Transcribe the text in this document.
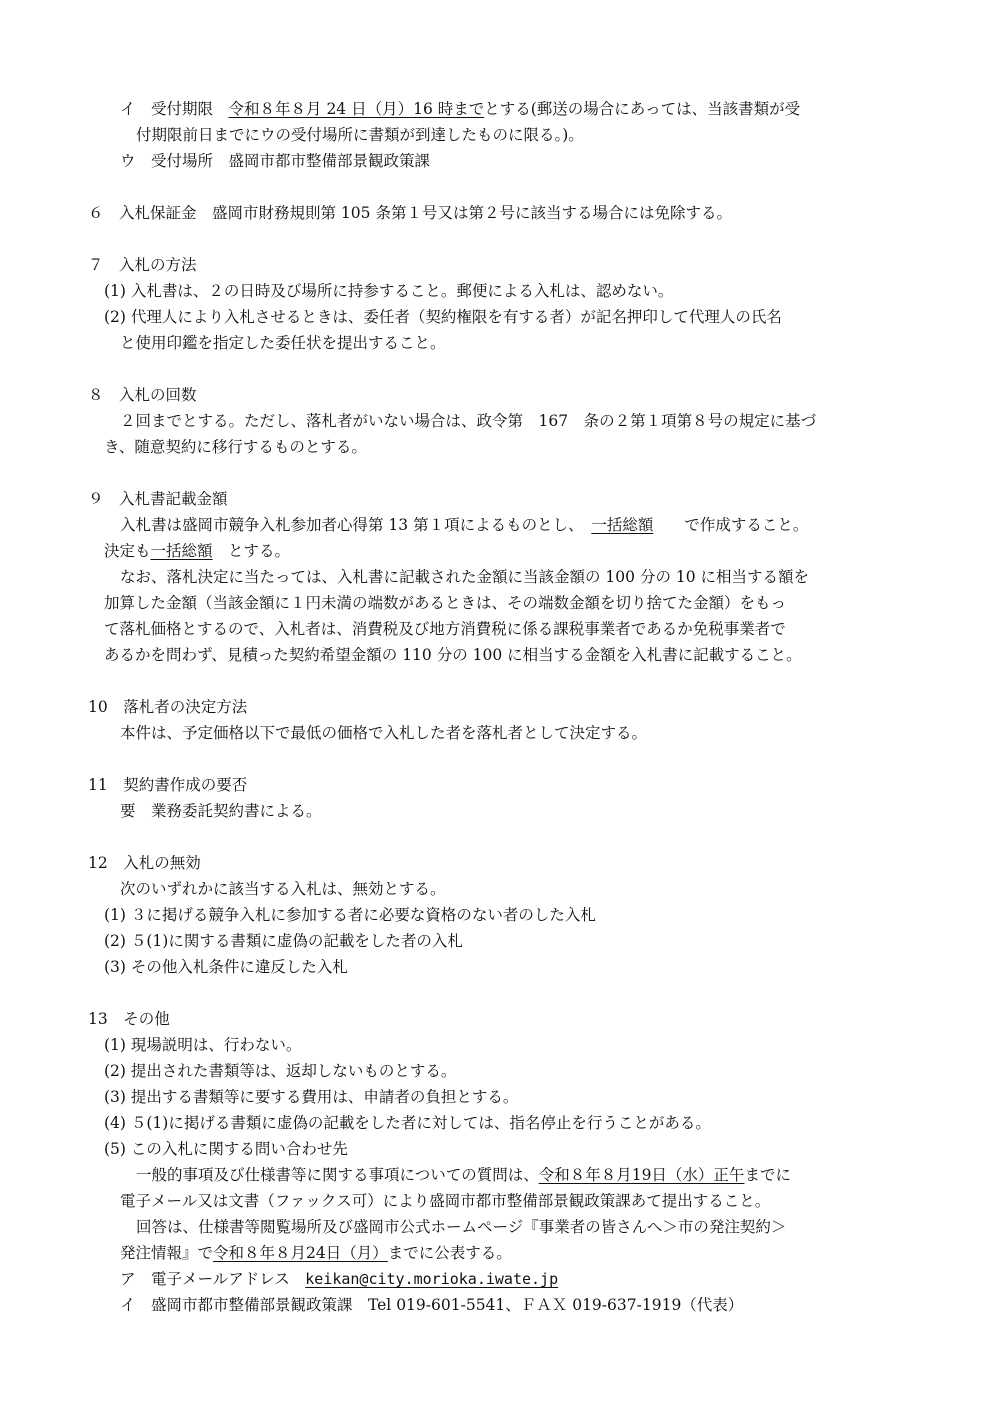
イ　受付期限　令和８年８月 24 日（月）16 時までとする(郵送の場合にあっては、当該書類が受
付期限前日までにウの受付場所に書類が到達したものに限る。)。
ウ　受付場所　盛岡市都市整備部景観政策課
６　入札保証金　盛岡市財務規則第 105 条第１号又は第２号に該当する場合には免除する。
７　入札の方法
(1) 入札書は、２の日時及び場所に持参すること。郵便による入札は、認めない。
(2) 代理人により入札させるときは、委任者（契約権限を有する者）が記名押印して代理人の氏名
と使用印鑑を指定した委任状を提出すること。
８　入札の回数
２回までとする。ただし、落札者がいない場合は、政令第　167　条の２第１項第８号の規定に基づ
き、随意契約に移行するものとする。
９　入札書記載金額
入札書は盛岡市競争入札参加者心得第 13 第１項によるものとし、　一括総額　　で作成すること。
決定も一括総額　とする。
なお、落札決定に当たっては、入札書に記載された金額に当該金額の 100 分の 10 に相当する額を
加算した金額（当該金額に１円未満の端数があるときは、その端数金額を切り捨てた金額）をもっ
て落札価格とするので、入札者は、消費税及び地方消費税に係る課税事業者であるか免税事業者で
あるかを問わず、見積った契約希望金額の 110 分の 100 に相当する金額を入札書に記載すること。
10　落札者の決定方法
本件は、予定価格以下で最低の価格で入札した者を落札者として決定する。
11　契約書作成の要否
要　業務委託契約書による。
12　入札の無効
次のいずれかに該当する入札は、無効とする。
(1) ３に掲げる競争入札に参加する者に必要な資格のない者のした入札
(2) ５(1)に関する書類に虚偽の記載をした者の入札
(3) その他入札条件に違反した入札
13　その他
(1) 現場説明は、行わない。
(2) 提出された書類等は、返却しないものとする。
(3) 提出する書類等に要する費用は、申請者の負担とする。
(4) ５(1)に掲げる書類に虚偽の記載をした者に対しては、指名停止を行うことがある。
(5) この入札に関する問い合わせ先
一般的事項及び仕様書等に関する事項についての質問は、令和８年８月19日（水）正午までに
電子メール又は文書（ファックス可）により盛岡市都市整備部景観政策課あて提出すること。
回答は、仕様書等閲覧場所及び盛岡市公式ホームページ『事業者の皆さんへ＞市の発注契約＞
発注情報』で令和８年８月24日（月）までに公表する。
ア　電子メールアドレス　keikan@city.morioka.iwate.jp
イ　盛岡市都市整備部景観政策課　Tel 019-601-5541、ＦＡＸ 019-637-1919（代表）
